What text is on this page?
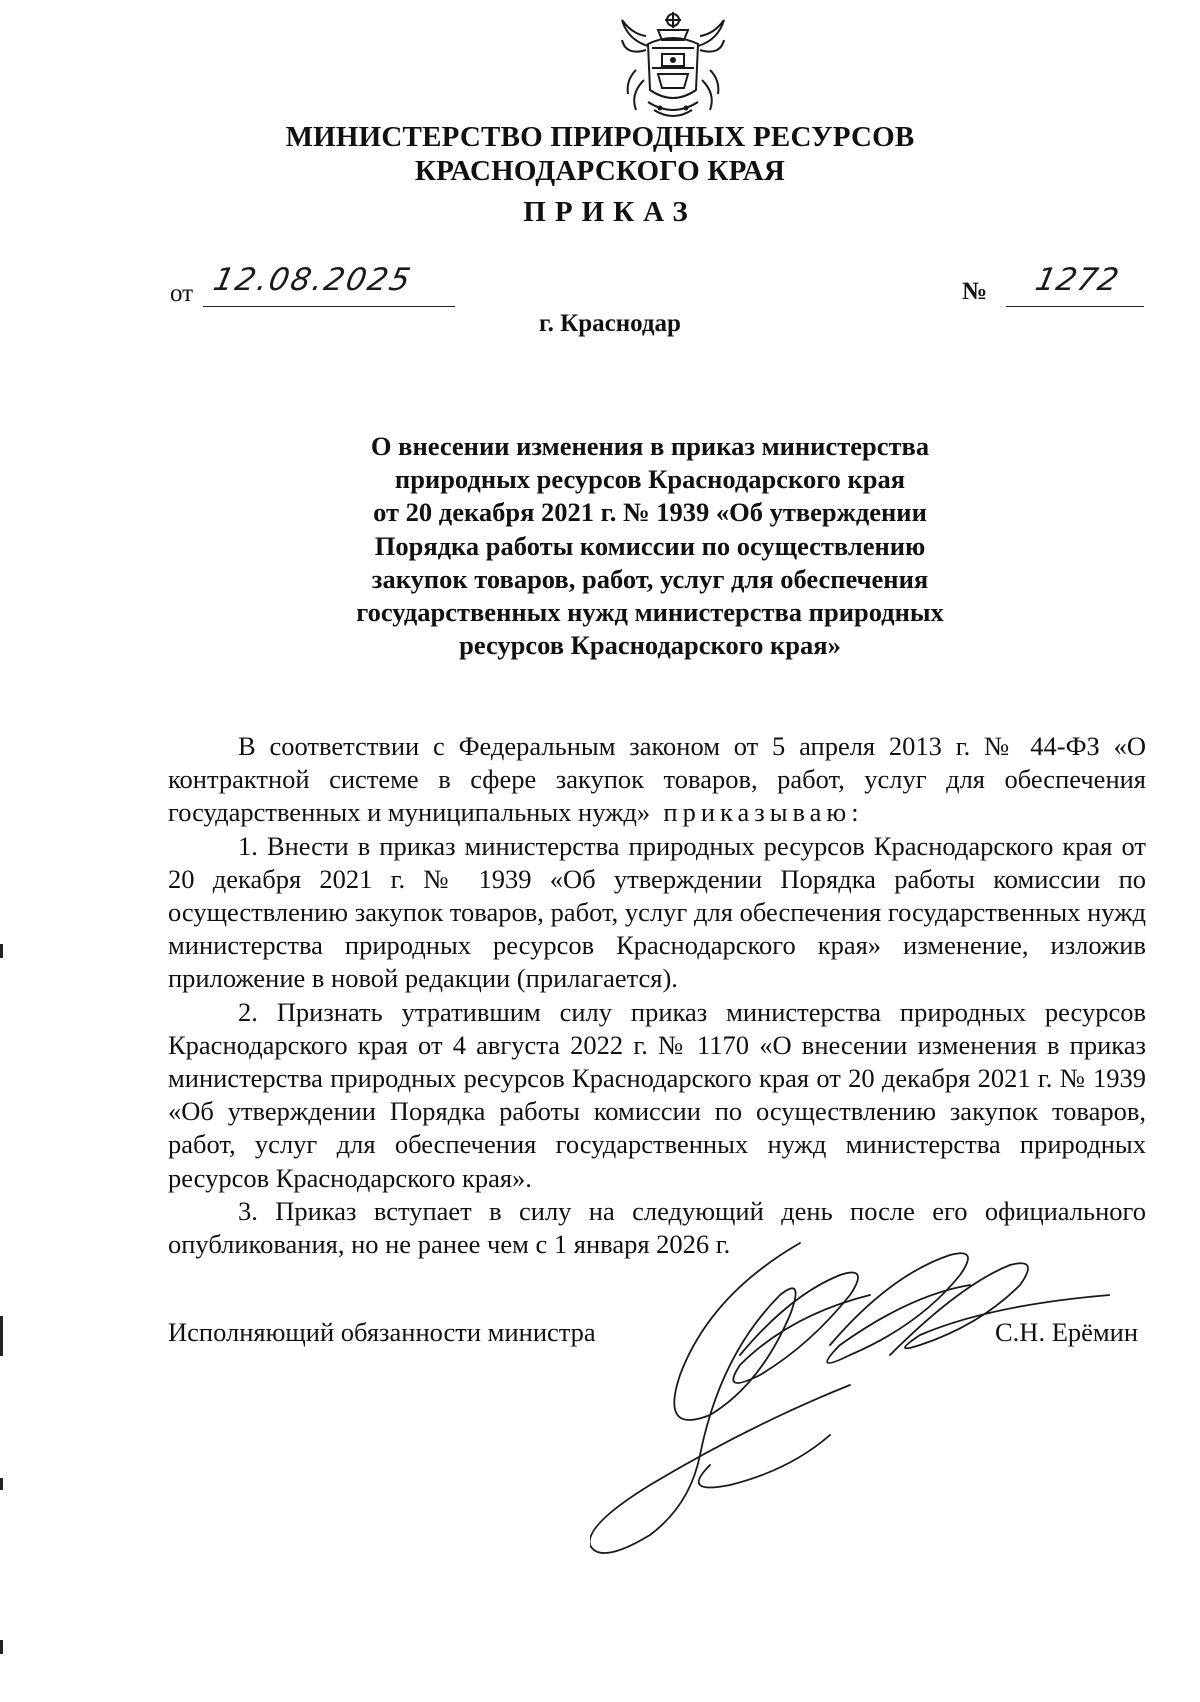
МИНИСТЕРСТВО ПРИРОДНЫХ РЕСУРСОВ
КРАСНОДАРСКОГО КРАЯ
ПРИКАЗ
от 12.08.2025	№ 1272
г. Краснодар
О внесении изменения в приказ министерства
природных ресурсов Краснодарского края
от 20 декабря 2021 г. № 1939 «Об утверждении
Порядка работы комиссии по осуществлению
закупок товаров, работ, услуг для обеспечения
государственных нужд министерства природных
ресурсов Краснодарского края»

В соответствии с Федеральным законом от 5 апреля 2013 г. № 44-ФЗ «О контрактной системе в сфере закупок товаров, работ, услуг для обеспечения государственных и муниципальных нужд» приказываю:

1. Внести в приказ министерства природных ресурсов Краснодарского края от 20 декабря 2021 г. № 1939 «Об утверждении Порядка работы комиссии по осуществлению закупок товаров, работ, услуг для обеспечения государственных нужд министерства природных ресурсов Краснодарского края» изменение, изложив приложение в новой редакции (прилагается).

2. Признать утратившим силу приказ министерства природных ресурсов Краснодарского края от 4 августа 2022 г. № 1170 «О внесении изменения в приказ министерства природных ресурсов Краснодарского края от 20 декабря 2021 г. № 1939 «Об утверждении Порядка работы комиссии по осуществлению закупок товаров, работ, услуг для обеспечения государственных нужд министерства природных ресурсов Краснодарского края».

3. Приказ вступает в силу на следующий день после его официального опубликования, но не ранее чем с 1 января 2026 г.

Исполняющий обязанности министра	С.Н. Ерёмин
